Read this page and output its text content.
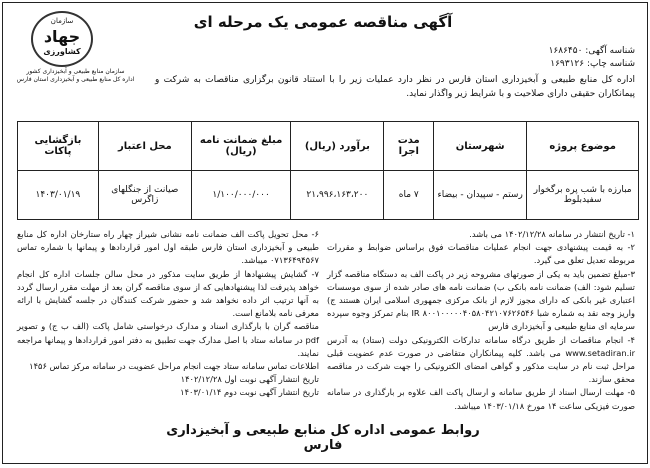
آگهی مناقصه عمومی یک مرحله ای
سازمان
جهاد
کشاورزی
سازمان منابع طبیعی و آبخیزداری کشور
اداره کل منابع طبیعی و آبخیزداری استان فارس
شناسه آگهی: ۱۶۸۶۴۵۰
شناسه چاپ: ۱۶۹۳۱۲۶
اداره کل منابع طبیعی و آبخیزداری استان فارس در نظر دارد عملیات زیر را با استناد قانون برگزاری مناقصات به شرکت و پیمانکاران حقیقی دارای صلاحیت و با شرایط زیر واگذار نماید.
موضوع پروژه	شهرستان	مدت اجرا	برآورد (ریال)	مبلغ ضمانت نامه (ریال)	محل اعتبار	بازگشایی پاکات
مبارزه با شب پره برگخوار سفیدبلوط	رستم - سپیدان - بیضاء	۷ ماه	۲۱،۹۹۶،۱۶۳،۲۰۰	۱/۱۰۰/۰۰۰/۰۰۰	صیانت از جنگلهای زاگرس	۱۴۰۳/۰۱/۱۹

۱- تاریخ انتشار در سامانه ۱۴۰۲/۱۲/۲۸ می باشد.

۲- به قیمت پیشنهادی جهت انجام عملیات مناقصات فوق براساس ضوابط و مقررات مربوطه تعدیل تعلق می گیرد.

۳-مبلغ تضمین باید به یکی از صورتهای مشروحه زیر در پاکت الف به دستگاه مناقصه گزار تسلیم شود: الف) ضمانت نامه بانکی ب) ضمانت نامه های صادر شده از سوی موسسات اعتباری غیر بانکی که دارای مجوز لازم از بانک مرکزی جمهوری اسلامی ایران هستند ج) واریز وجه نقد به شماره شبا IR ۸۰۰۱۰۰۰۰۰۴۰۵۸۰۴۲۱۰۷۶۲۶۵۴۶ بنام تمرکز وجوه سپرده سرمایه ای منابع طبیعی و آبخیزداری فارس

۴- انجام مناقصات از طریق درگاه سامانه تدارکات الکترونیکی دولت (ستاد) به آدرس www.setadiran.ir می باشد. کلیه پیمانکاران متقاضی در صورت عدم عضویت قبلی مراحل ثبت نام در سایت مذکور و گواهی امضای الکترونیکی را جهت شرکت در مناقصه محقق سازند.

۵- مهلت ارسال اسناد از طریق سامانه و ارسال پاکت الف علاوه بر بارگذاری در سامانه صورت فیزیکی ساعت ۱۴ مورخ ۱۴۰۳/۰۱/۱۸ میباشد.

۶- محل تحویل پاکت الف ضمانت نامه نشانی شیراز چهار راه ستارخان اداره کل منابع طبیعی و آبخیزداری استان فارس طبقه اول امور قراردادها و پیمانها با شماره تماس ۰۷۱۳۶۴۹۴۵۶۷ میباشد.

۷- گشایش پیشنهادها از طریق سایت مذکور در محل سالن جلسات اداره کل انجام خواهد پذیرفت لذا پیشنهادهایی که از سوی مناقصه گران بعد از مهلت مقرر ارسال گردد به آنها ترتیب اثر داده نخواهد شد و حضور شرکت کنندگان در جلسه گشایش با ارائه معرفی نامه بلامانع است.

مناقصه گران با بارگذاری اسناد و مدارک درخواستی شامل پاکت (الف ب ج) و تصویر pdf در سامانه ستاد با اصل مدارک جهت تطبیق به دفتر امور قراردادها و پیمانها مراجعه نمایند.

اطلاعات تماس سامانه ستاد جهت انجام مراحل عضویت در سامانه مرکز تماس ۱۴۵۶

تاریخ انتشار آگهی نوبت اول ۱۴۰۲/۱۲/۲۸

تاریخ انتشار آگهی نوبت دوم ۱۴۰۳/۰۱/۱۴

روابط عمومی اداره کل منابع طبیعی و آبخیزداری فارس
